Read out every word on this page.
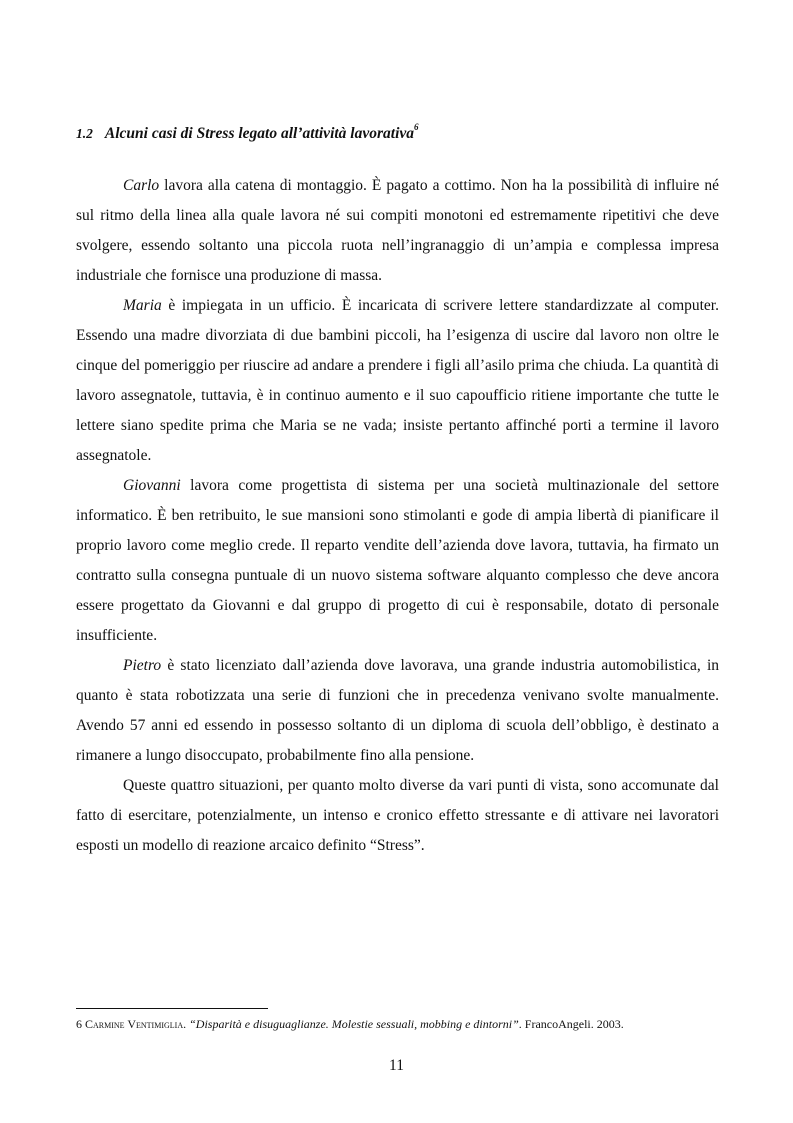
1.2 Alcuni casi di Stress legato all’attività lavorativa$^6$

Carlo lavora alla catena di montaggio. È pagato a cottimo. Non ha la possibilità di influire né sul ritmo della linea alla quale lavora né sui compiti monotoni ed estremamente ripetitivi che deve svolgere, essendo soltanto una piccola ruota nell’ingranaggio di un’ampia e complessa impresa industriale che fornisce una produzione di massa.

Maria è impiegata in un ufficio. È incaricata di scrivere lettere standardizzate al computer. Essendo una madre divorziata di due bambini piccoli, ha l’esigenza di uscire dal lavoro non oltre le cinque del pomeriggio per riuscire ad andare a prendere i figli all’asilo prima che chiuda. La quantità di lavoro assegnatole, tuttavia, è in continuo aumento e il suo capoufficio ritiene importante che tutte le lettere siano spedite prima che Maria se ne vada; insiste pertanto affinché porti a termine il lavoro assegnatole.

Giovanni lavora come progettista di sistema per una società multinazionale del settore informatico. È ben retribuito, le sue mansioni sono stimolanti e gode di ampia libertà di pianificare il proprio lavoro come meglio crede. Il reparto vendite dell’azienda dove lavora, tuttavia, ha firmato un contratto sulla consegna puntuale di un nuovo sistema software alquanto complesso che deve ancora essere progettato da Giovanni e dal gruppo di progetto di cui è responsabile, dotato di personale insufficiente.

Pietro è stato licenziato dall’azienda dove lavorava, una grande industria automobilistica, in quanto è stata robotizzata una serie di funzioni che in precedenza venivano svolte manualmente. Avendo 57 anni ed essendo in possesso soltanto di un diploma di scuola dell’obbligo, è destinato a rimanere a lungo disoccupato, probabilmente fino alla pensione.

Queste quattro situazioni, per quanto molto diverse da vari punti di vista, sono accomunate dal fatto di esercitare, potenzialmente, un intenso e cronico effetto stressante e di attivare nei lavoratori esposti un modello di reazione arcaico definito “Stress”.

6 Carmine Ventimiglia. “Disparità e disuguaglianze. Molestie sessuali, mobbing e dintorni”. FrancoAngeli. 2003.
11
